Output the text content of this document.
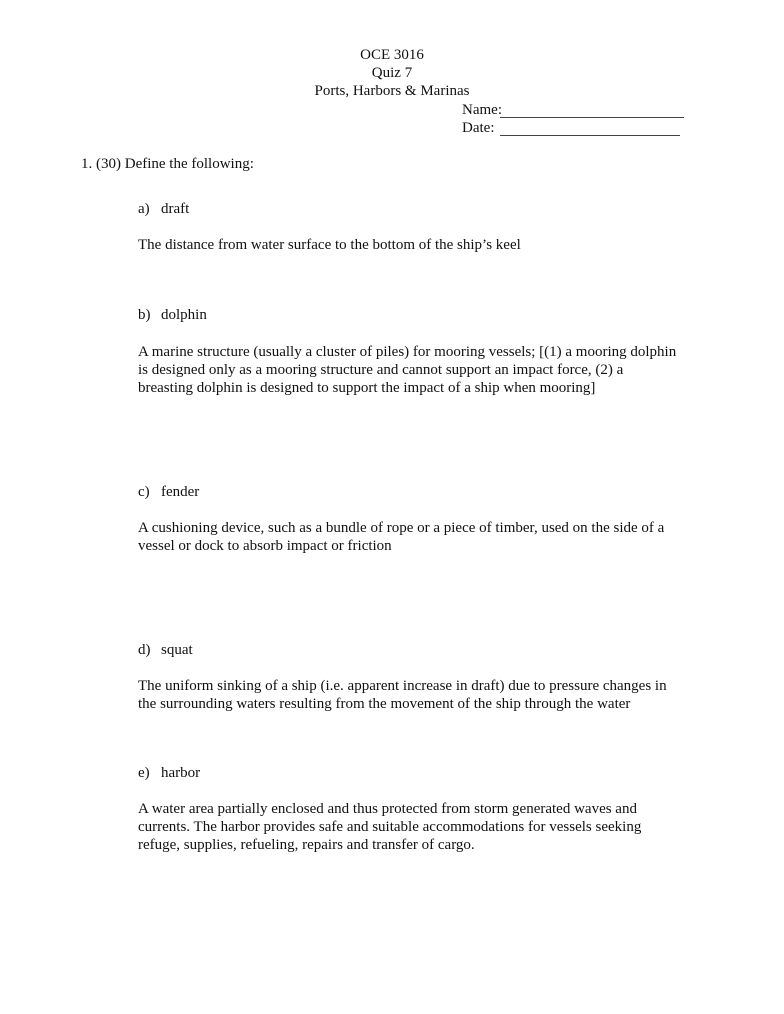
OCE 3016
Quiz 7
Ports, Harbors & Marinas
Name:
Date:
1. (30) Define the following:
a) draft
The distance from water surface to the bottom of the ship’s keel
b) dolphin
A marine structure (usually a cluster of piles) for mooring vessels; [(1) a mooring dolphin
is designed only as a mooring structure and cannot support an impact force, (2) a
breasting dolphin is designed to support the impact of a ship when mooring]
c) fender
A cushioning device, such as a bundle of rope or a piece of timber, used on the side of a
vessel or dock to absorb impact or friction
d) squat
The uniform sinking of a ship (i.e. apparent increase in draft) due to pressure changes in
the surrounding waters resulting from the movement of the ship through the water
e) harbor
A water area partially enclosed and thus protected from storm generated waves and
currents. The harbor provides safe and suitable accommodations for vessels seeking
refuge, supplies, refueling, repairs and transfer of cargo.
